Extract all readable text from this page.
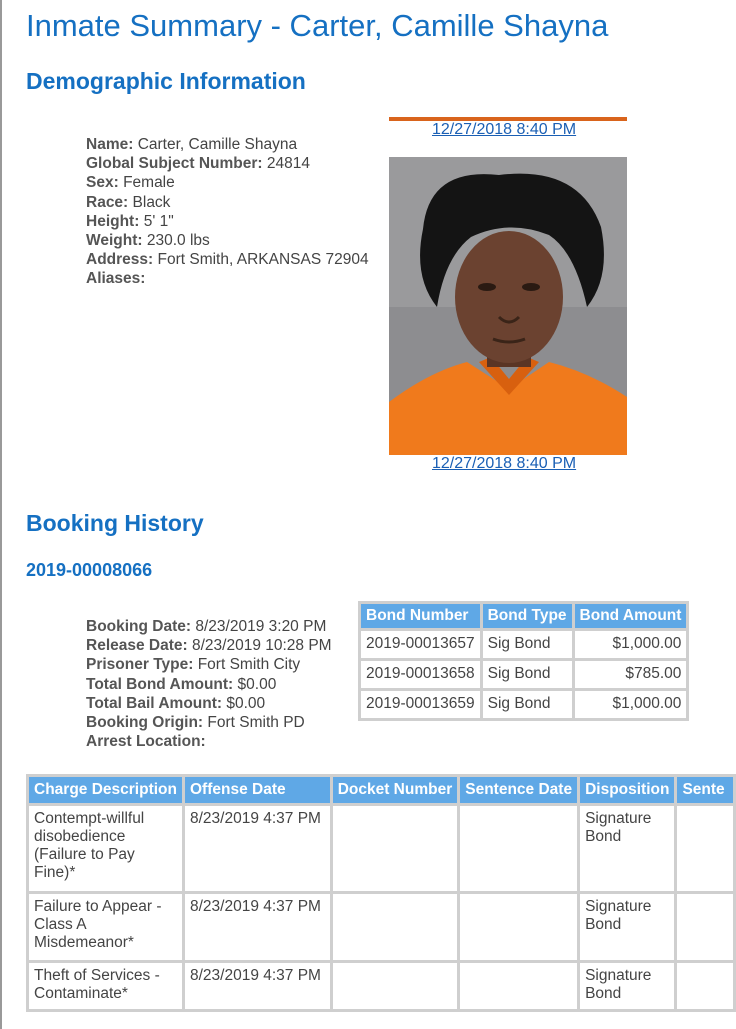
Inmate Summary - Carter, Camille Shayna
Demographic Information
Name: Carter, Camille Shayna
Global Subject Number: 24814
Sex: Female
Race: Black
Height: 5' 1"
Weight: 230.0 lbs
Address: Fort Smith, ARKANSAS 72904
Aliases:
12/27/2018 8:40 PM
12/27/2018 8:40 PM
Booking History
2019-00008066
Booking Date: 8/23/2019 3:20 PM
Release Date: 8/23/2019 10:28 PM
Prisoner Type: Fort Smith City
Total Bond Amount: $0.00
Total Bail Amount: $0.00
Booking Origin: Fort Smith PD
Arrest Location:
Bond Number	Bond Type	Bond Amount
2019-00013657	Sig Bond	$1,000.00
2019-00013658	Sig Bond	$785.00
2019-00013659	Sig Bond	$1,000.00
Charge Description	Offense Date	Docket Number	Sentence Date	Disposition	Sente
Contempt-willful disobedience (Failure to Pay Fine)*	8/23/2019 4:37 PM			Signature Bond	
Failure to Appear - Class A Misdemeanor*	8/23/2019 4:37 PM			Signature Bond	
Theft of Services - Contaminate*	8/23/2019 4:37 PM			Signature Bond	
